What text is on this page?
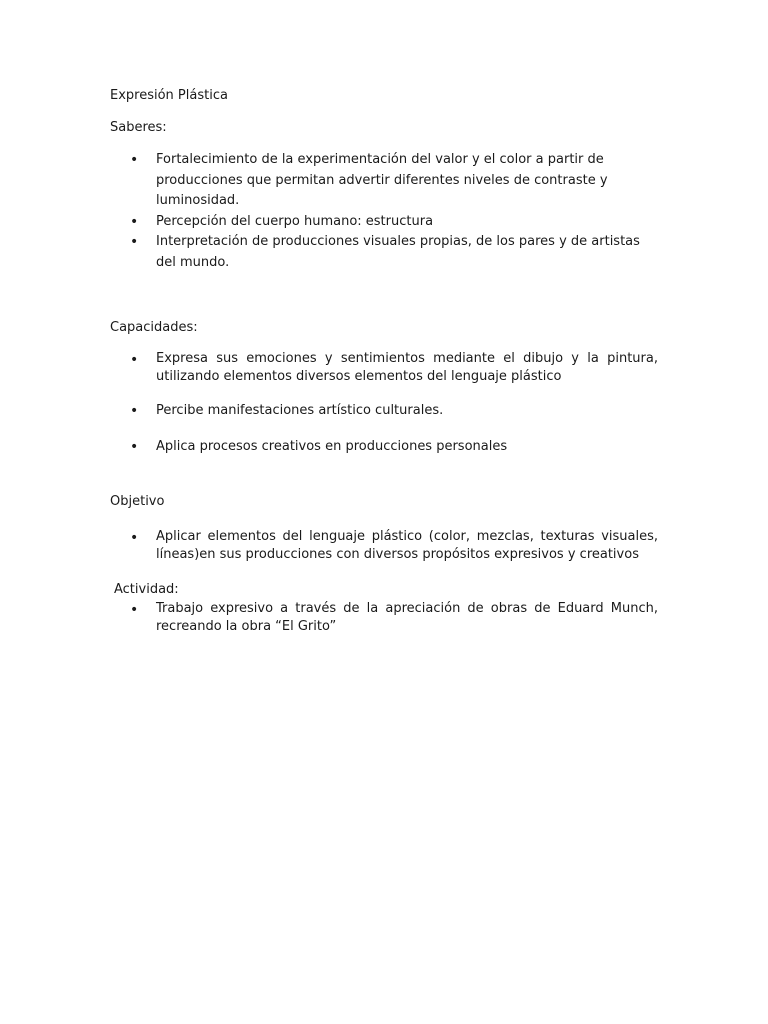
Expresión Plástica

Saberes:

• Fortalecimiento de la experimentación del valor y el color a partir de producciones que permitan advertir diferentes niveles de contraste y luminosidad.
• Percepción del cuerpo humano: estructura
• Interpretación de producciones visuales propias, de los pares y de artistas del mundo.

Capacidades:

• Expresa sus emociones y sentimientos mediante el dibujo y la pintura, utilizando elementos diversos elementos del lenguaje plástico
• Percibe manifestaciones artístico culturales.
• Aplica procesos creativos en producciones personales

Objetivo

• Aplicar elementos del lenguaje plástico (color, mezclas, texturas visuales, líneas)en sus producciones con diversos propósitos expresivos y creativos

Actividad:

• Trabajo expresivo a través de la apreciación de obras de Eduard Munch, recreando la obra “El Grito”
